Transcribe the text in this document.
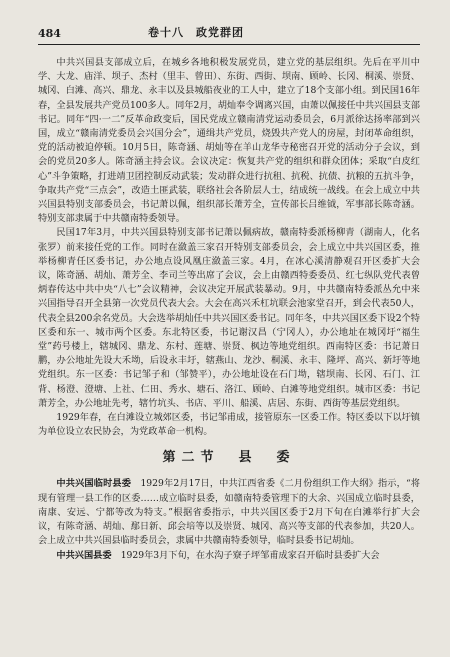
484	卷十八　政党群团

中共兴国县支部成立后，在城乡各地积极发展党员，建立党的基层组织。先后在平川中学、大龙、庙洋、坝子、杰村（里丰、曾田）、东街、西街、坝南、顾岭、长冈、桐溪、崇贤、城冈、白滩、高兴、鼎龙、永丰以及县城船夜业的工人中，建立了18个支部小组。到民国16年春，全县发展共产党员100多人。同年2月，胡灿奉令调离兴国，由萧以佩接任中共兴国县支部书记。同年“四·一二”反革命政变后，国民党成立赣南清党运动委员会，6月派徐达扬率部到兴国，成立“赣南清党委员会兴国分会”，通缉共产党员，烧毁共产党人的房屋，封闭革命组织，党的活动被迫停顿。10月5日，陈奇涵、胡灿等在羊山龙华寺秘密召开党的活动分子会议，到会的党员20多人。陈奇涵主持会议。会议决定：恢复共产党的组织和群众团体；采取“白皮红心”斗争策略，打进靖卫团控制反动武装；发动群众进行抗租、抗税、抗债、抗粮的五抗斗争，争取共产党“三点会”，改造土匪武装，联络社会各阶层人士，结成统一战线。在会上成立中共兴国县特别支部委员会，书记萧以佩，组织部长萧芳全，宣传部长吕维钺，军事部长陈奇涵。特别支部隶属于中共赣南特委领导。

民国17年3月，中共兴国县特别支部书记萧以佩病故，赣南特委派杨柳青（湖南人，化名张罗）前来接任党的工作。同时在潋盖三家召开特别支部委员会，会上成立中共兴国区委，推举杨柳青任区委书记，办公地点设风凰庄潋盖三家。4月，在冰心溪清静观召开区委扩大会议，陈奇涵、胡灿、萧芳全、李司兰等出席了会议，会上由赣西特委委员、红七纵队党代表曾炳春传达中共中央“八七”会议精神，会议决定开展武装暴动。9月，中共赣南特委派丛允中来兴国指导召开全县第一次党员代表大会。大会在高兴禾杠坑联会池家堂召开，到会代表50人，代表全县200余名党员。大会选举胡灿任中共兴国区委书记。同年冬，中共兴国区委下设2个特区委和东一、城市两个区委。东北特区委，书记谢汉昌（宁冈人），办公地址在城冈圩“福生堂”药号楼上，辖城冈、鼎龙、东村、莲塘、崇贤、枫边等地党组织。西南特区委：书记萧日鹏，办公地址先设大禾坳，后设永丰圩，辖燕山、龙沙、桐溪、永丰、隆坪、高兴、新圩等地党组织。东一区委：书记邹子和（邹赞平），办公地址设在石门坳，辖坝南、长冈、石门、江背、杨澄、澄塘、上社、仁田、秀水、塘石、洛江、顾岭、白滩等地党组织。城市区委：书记萧芳全，办公地址先考，辖竹坑头、书店、平川、船溪、店居、东街、西街等基层党组织。

1929年春，在白滩设立城郊区委，书记邹甫成，接管原东一区委工作。特区委以下以圩镇为单位设立农民协会，为党政革命一机构。

第二节　县　委

中共兴国临时县委　1929年2月17日，中共江西省委《二月份组织工作大纲》指示，“将现有管理一县工作的区委……成立临时县委，如赣南特委管理下的大余、兴国成立临时县委，南康、安远、宁都等改为特支。”根据省委指示，中共兴国区委于2月下旬在白滩举行扩大会议，有陈奇涵、胡灿、鄢日新、邱会培等以及崇贤、城冈、高兴等支部的代表参加，共20人。会上成立中共兴国县临时委员会，隶属中共赣南特委领导，临时县委书记胡灿。

中共兴国县委　1929年3月下旬，在水沟子寮子坪邹甫成家召开临时县委扩大会
